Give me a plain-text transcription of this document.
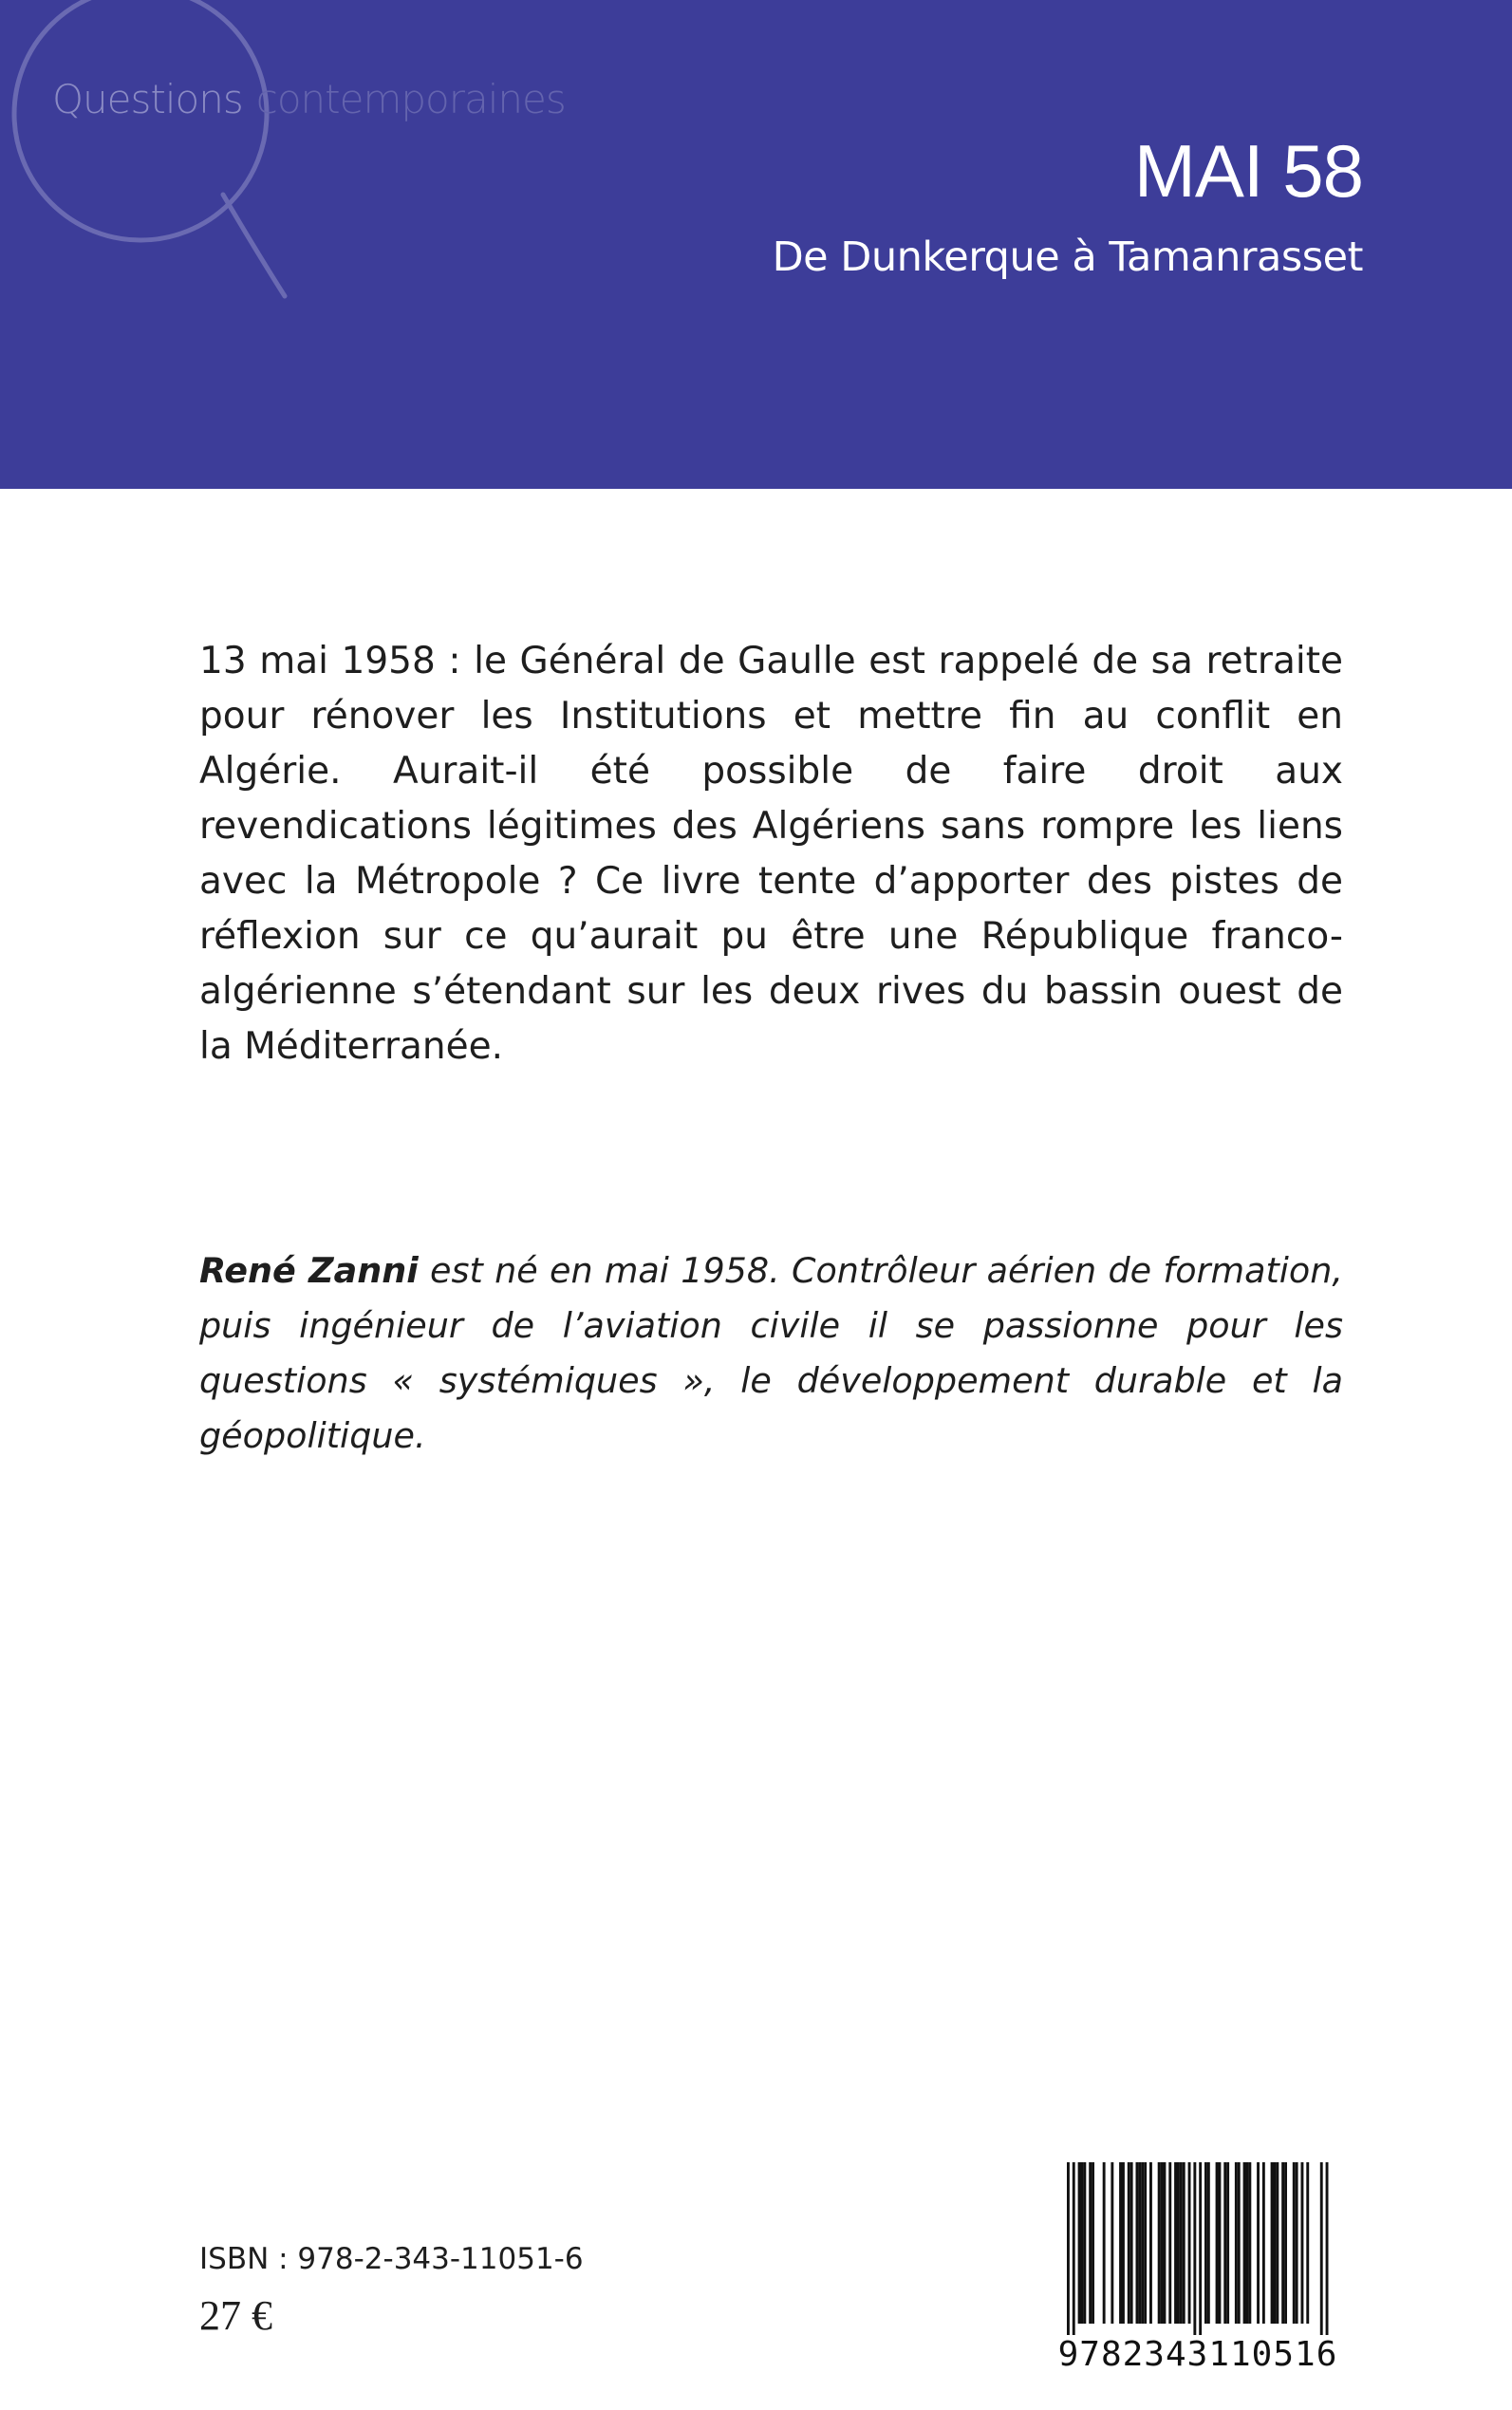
Questions contemporaines
MAI 58
De Dunkerque à Tamanrasset

13 mai 1958 : le Général de Gaulle est rappelé de sa retraite pour rénover les Institutions et mettre fin au conflit en Algérie. Aurait-il été possible de faire droit aux revendications légitimes des Algériens sans rompre les liens avec la Métropole ? Ce livre tente d’apporter des pistes de réflexion sur ce qu’aurait pu être une République franco-algérienne s’étendant sur les deux rives du bassin ouest de la Méditerranée.

René Zanni est né en mai 1958. Contrôleur aérien de formation, puis ingénieur de l’aviation civile il se passionne pour les questions « systémiques », le développement durable et la géopolitique.

ISBN : 978-2-343-11051-6
27 €
9782343110516
